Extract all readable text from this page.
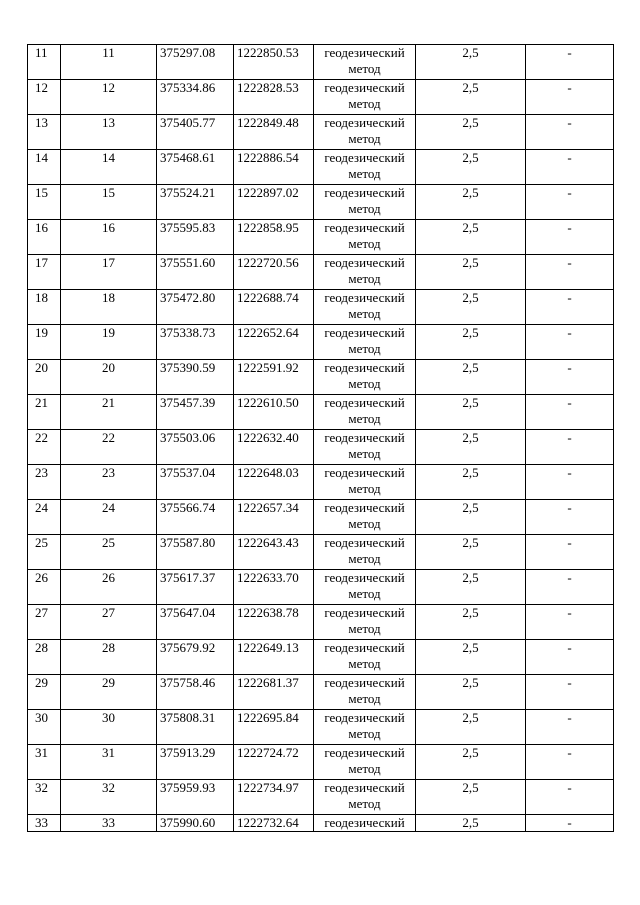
11	11	375297.08	1222850.53	геодезический
метод	2,5	-
12	12	375334.86	1222828.53	геодезический
метод	2,5	-
13	13	375405.77	1222849.48	геодезический
метод	2,5	-
14	14	375468.61	1222886.54	геодезический
метод	2,5	-
15	15	375524.21	1222897.02	геодезический
метод	2,5	-
16	16	375595.83	1222858.95	геодезический
метод	2,5	-
17	17	375551.60	1222720.56	геодезический
метод	2,5	-
18	18	375472.80	1222688.74	геодезический
метод	2,5	-
19	19	375338.73	1222652.64	геодезический
метод	2,5	-
20	20	375390.59	1222591.92	геодезический
метод	2,5	-
21	21	375457.39	1222610.50	геодезический
метод	2,5	-
22	22	375503.06	1222632.40	геодезический
метод	2,5	-
23	23	375537.04	1222648.03	геодезический
метод	2,5	-
24	24	375566.74	1222657.34	геодезический
метод	2,5	-
25	25	375587.80	1222643.43	геодезический
метод	2,5	-
26	26	375617.37	1222633.70	геодезический
метод	2,5	-
27	27	375647.04	1222638.78	геодезический
метод	2,5	-
28	28	375679.92	1222649.13	геодезический
метод	2,5	-
29	29	375758.46	1222681.37	геодезический
метод	2,5	-
30	30	375808.31	1222695.84	геодезический
метод	2,5	-
31	31	375913.29	1222724.72	геодезический
метод	2,5	-
32	32	375959.93	1222734.97	геодезический
метод	2,5	-
33	33	375990.60	1222732.64	геодезический	2,5	-
